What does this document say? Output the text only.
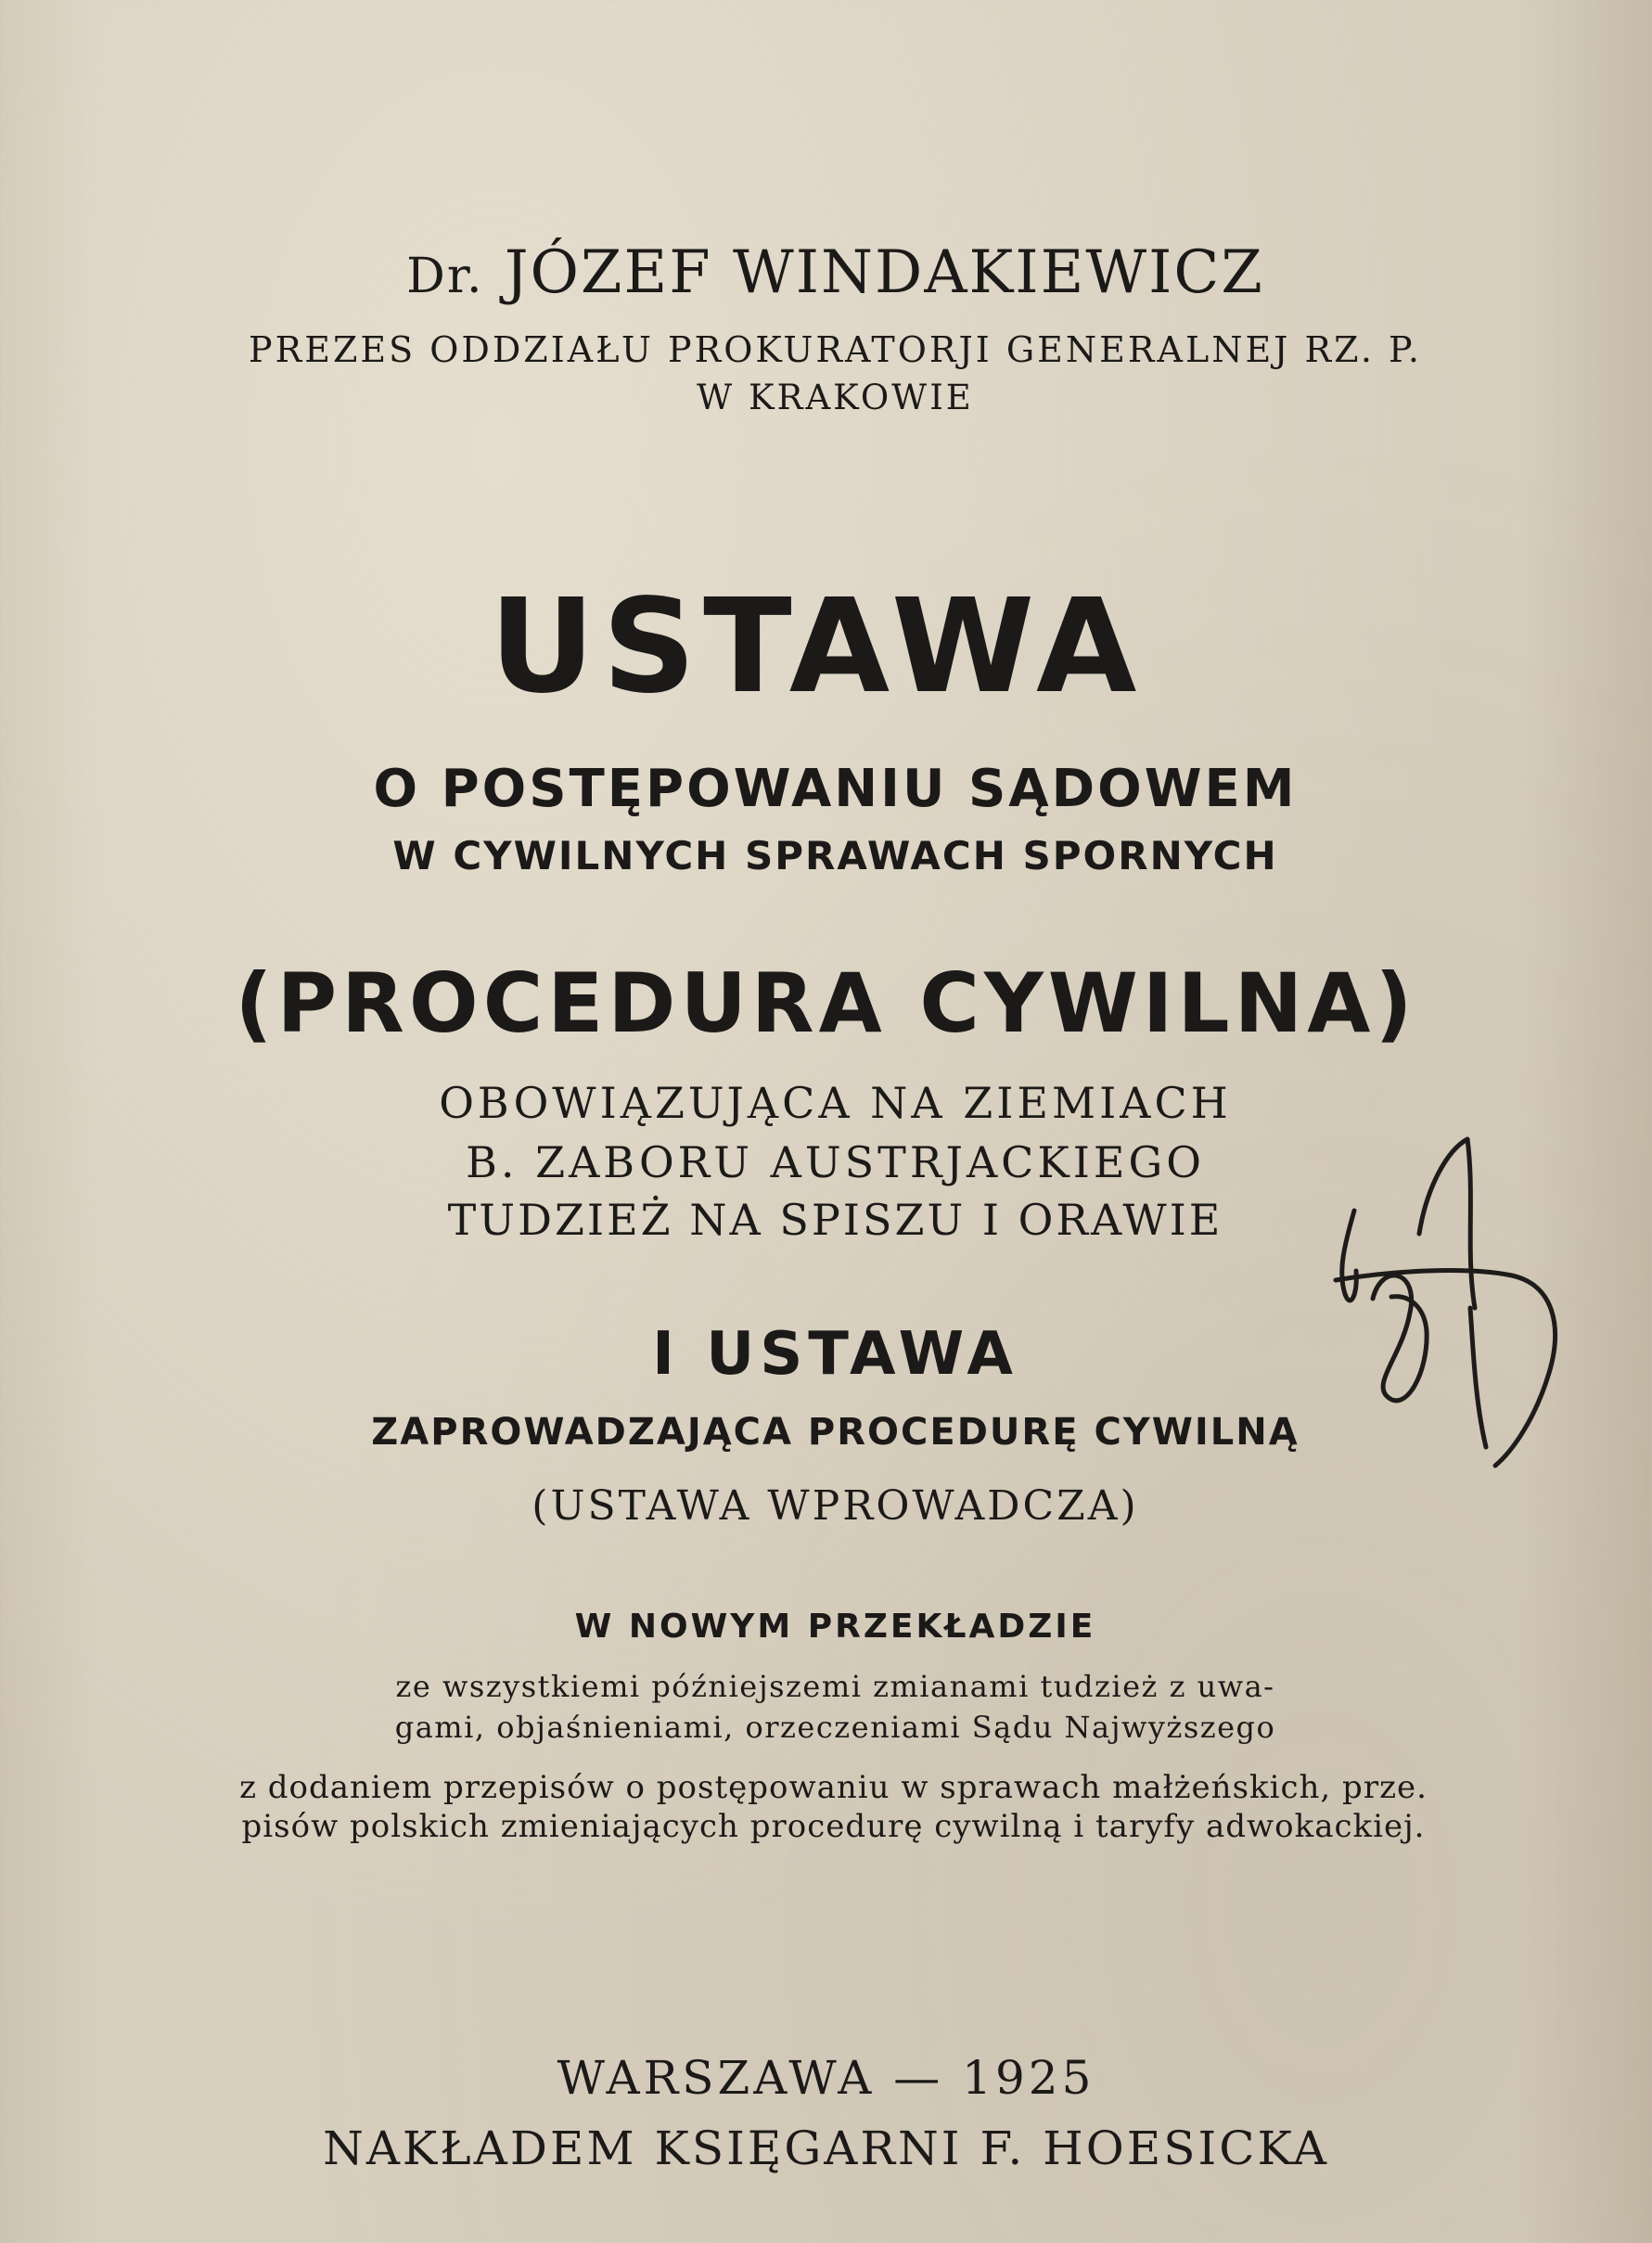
Dr. JÓZEF WINDAKIEWICZ
PREZES ODDZIAŁU PROKURATORJI GENERALNEJ RZ. P.
W KRAKOWIE
USTAWA
O POSTĘPOWANIU SĄDOWEM
W CYWILNYCH SPRAWACH SPORNYCH
(PROCEDURA CYWILNA)
OBOWIĄZUJĄCA NA ZIEMIACH
B. ZABORU AUSTRJACKIEGO
TUDZIEŻ NA SPISZU I ORAWIE
I USTAWA
ZAPROWADZAJĄCA PROCEDURĘ CYWILNĄ
(USTAWA WPROWADCZA)
W NOWYM PRZEKŁADZIE
ze wszystkiemi późniejszemi zmianami tudzież z uwa-
gami, objaśnieniami, orzeczeniami Sądu Najwyższego
z dodaniem przepisów o postępowaniu w sprawach małżeńskich, prze.
pisów polskich zmieniających procedurę cywilną i taryfy adwokackiej.
WARSZAWA — 1925
NAKŁADEM KSIĘGARNI F. HOESICKA
